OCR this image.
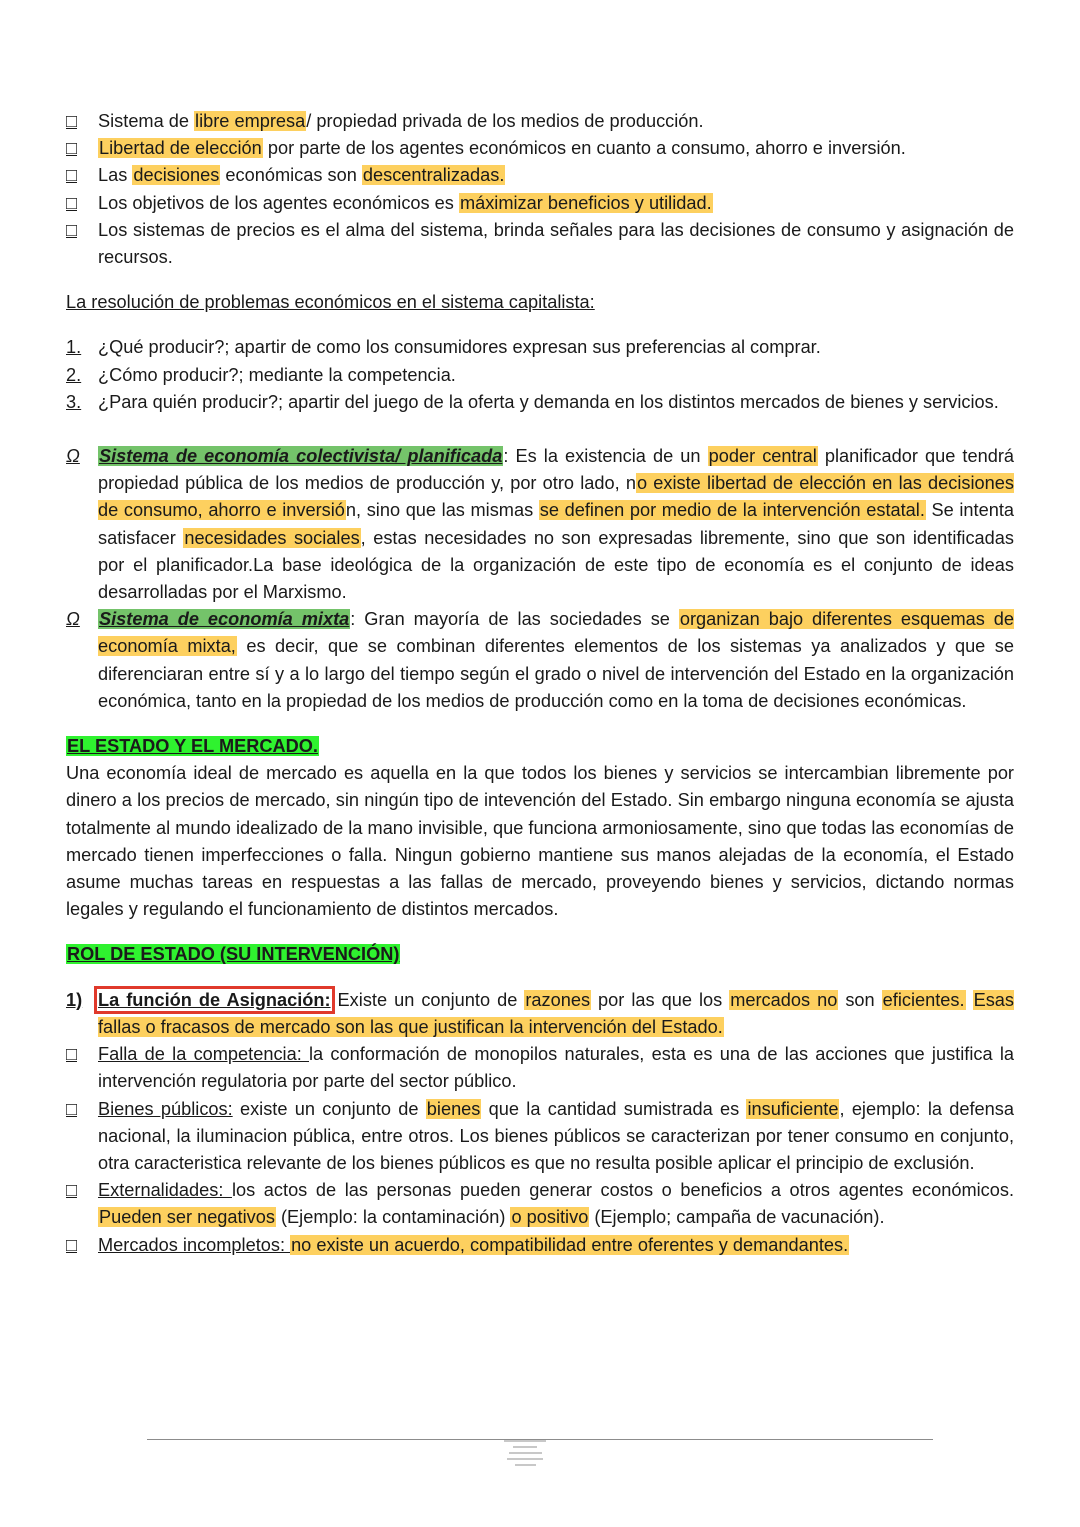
□	Sistema de libre empresa/ propiedad privada de los medios de producción.
□	Libertad de elección por parte de los agentes económicos en cuanto a consumo, ahorro e inversión.
□	Las decisiones económicas son descentralizadas.
□	Los objetivos de los agentes económicos es máximizar beneficios y utilidad.
□	Los sistemas de precios es el alma del sistema, brinda señales para las decisiones de consumo y asignación de recursos.

La resolución de problemas económicos en el sistema capitalista:

1. ¿Qué producir?; apartir de como los consumidores expresan sus preferencias al comprar.
2. ¿Cómo producir?; mediante la competencia.
3. ¿Para quién producir?; apartir del juego de la oferta y demanda en los distintos mercados de bienes y servicios.
Ω	Sistema de economía colectivista/ planificada: Es la existencia de un poder central planificador que tendrá propiedad pública de los medios de producción y, por otro lado, no existe libertad de elección en las decisiones de consumo, ahorro e inversión, sino que las mismas se definen por medio de la intervención estatal. Se intenta satisfacer necesidades sociales, estas necesidades no son expresadas libremente, sino que son identificadas por el planificador.La base ideológica de la organización de este tipo de economía es el conjunto de ideas desarrolladas por el Marxismo.
Ω	Sistema de economía mixta: Gran mayoría de las sociedades se organizan bajo diferentes esquemas de economía mixta, es decir, que se combinan diferentes elementos de los sistemas ya analizados y que se diferenciaran entre sí y a lo largo del tiempo según el grado o nivel de intervención del Estado en la organización económica, tanto en la propiedad de los medios de producción como en la toma de decisiones económicas.

EL ESTADO Y EL MERCADO.

Una economía ideal de mercado es aquella en la que todos los bienes y servicios se intercambian libremente por dinero a los precios de mercado, sin ningún tipo de intevención del Estado. Sin embargo ninguna economía se ajusta totalmente al mundo idealizado de la mano invisible, que funciona armoniosamente, sino que todas las economías de mercado tienen imperfecciones o falla. Ningun gobierno mantiene sus manos alejadas de la economía, el Estado asume muchas tareas en respuestas a las fallas de mercado, proveyendo bienes y servicios, dictando normas legales y regulando el funcionamiento de distintos mercados.

ROL DE ESTADO (SU INTERVENCIÓN)

1) La función de Asignación: Existe un conjunto de razones por las que los mercados no son eficientes. Esas fallas o fracasos de mercado son las que justifican la intervención del Estado.
□	Falla de la competencia: la conformación de monopilos naturales, esta es una de las acciones que justifica la intervención regulatoria por parte del sector público.
□	Bienes públicos: existe un conjunto de bienes que la cantidad sumistrada es insuficiente, ejemplo: la defensa nacional, la iluminacion pública, entre otros. Los bienes públicos se caracterizan por tener consumo en conjunto, otra caracteristica relevante de los bienes públicos es que no resulta posible aplicar el principio de exclusión.
□	Externalidades: los actos de las personas pueden generar costos o beneficios a otros agentes económicos. Pueden ser negativos (Ejemplo: la contaminación) o positivo (Ejemplo; campaña de vacunación).
□	Mercados incompletos: no existe un acuerdo, compatibilidad entre oferentes y demandantes.
